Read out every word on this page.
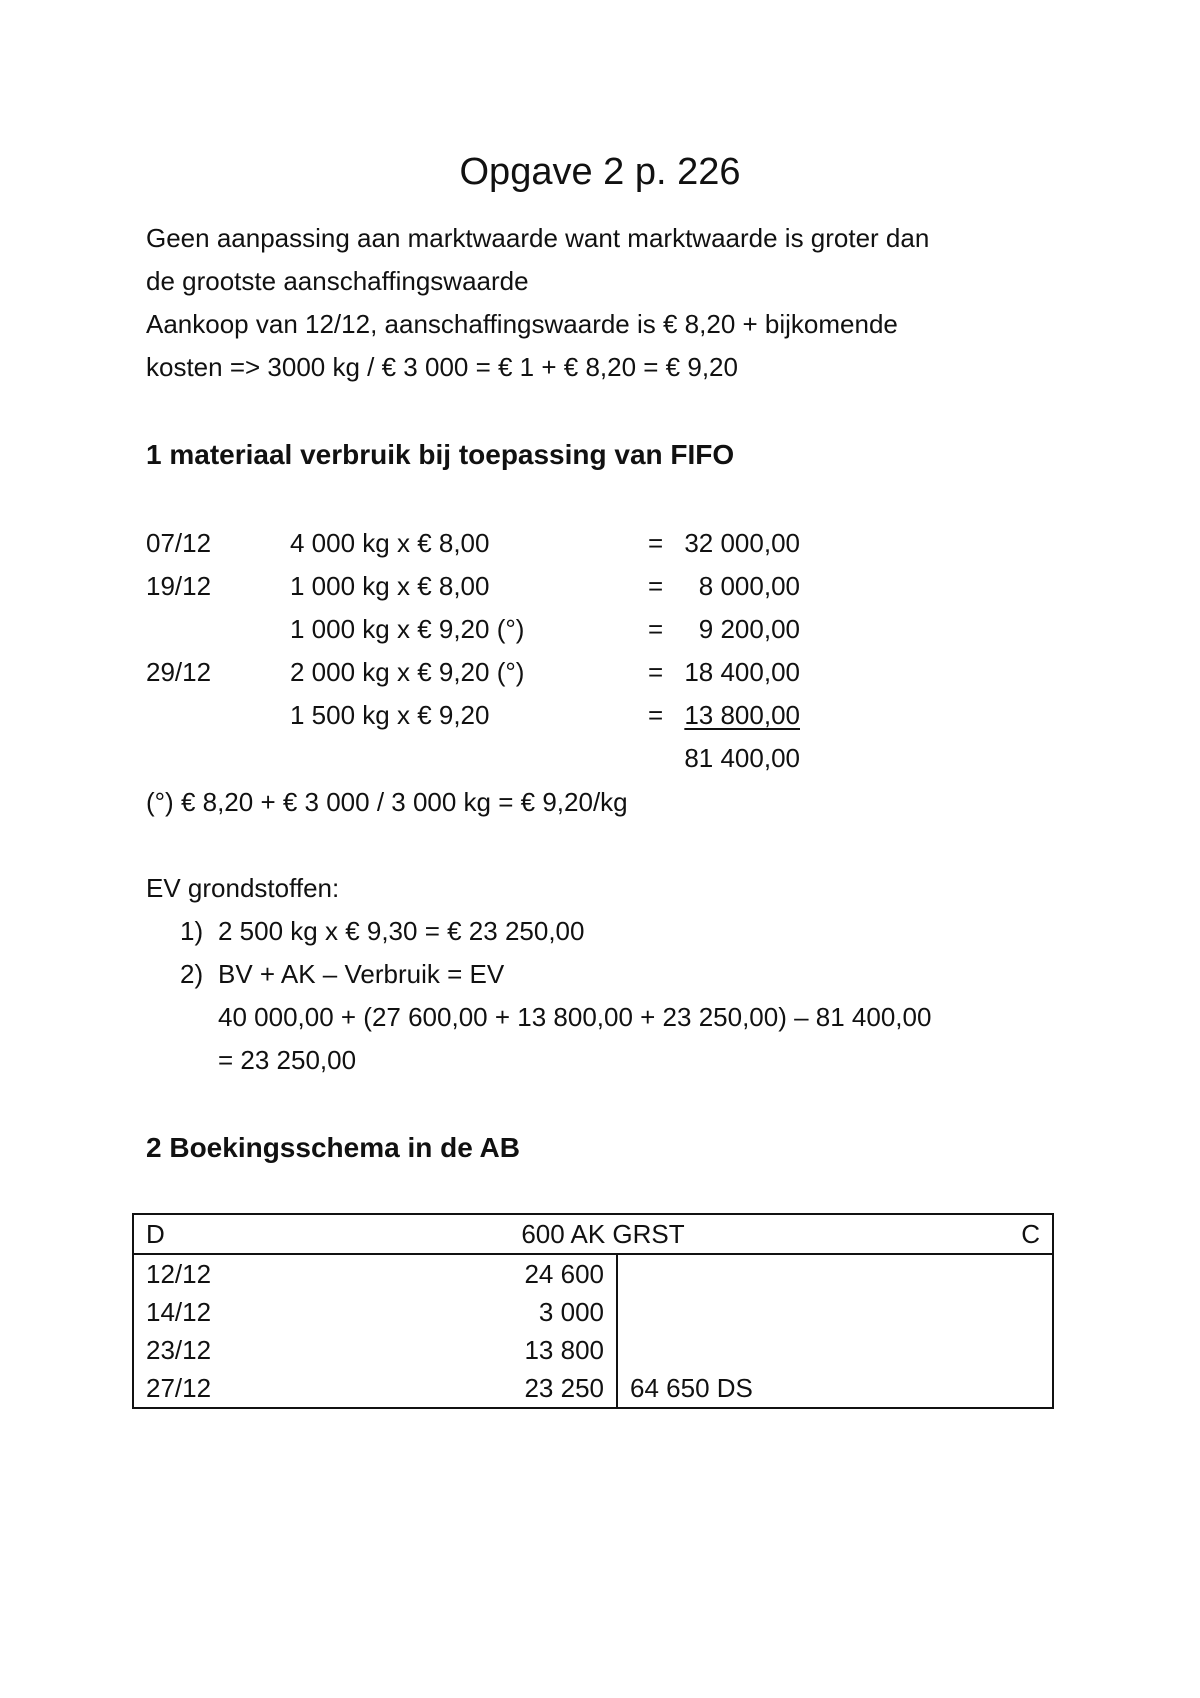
Opgave 2 p. 226
Geen aanpassing aan marktwaarde want marktwaarde is groter dan
de grootste aanschaffingswaarde
Aankoop van 12/12, aanschaffingswaarde is € 8,20 + bijkomende
kosten => 3000 kg / € 3 000 = € 1 + € 8,20 = € 9,20
1 materiaal verbruik bij toepassing van FIFO
07/12	4 000 kg x € 8,00	= 32 000,00
19/12	1 000 kg x € 8,00	= 8 000,00
1 000 kg x € 9,20 (°)	= 9 200,00
29/12	2 000 kg x € 9,20 (°)	= 18 400,00
1 500 kg x € 9,20	= 13 800,00
81 400,00
(°) € 8,20 + € 3 000 / 3 000 kg = € 9,20/kg
EV grondstoffen:
1) 2 500 kg x € 9,30 = € 23 250,00
2) BV + AK – Verbruik = EV
40 000,00 + (27 600,00 + 13 800,00 + 23 250,00) – 81 400,00
= 23 250,00
2 Boekingsschema in de AB
D 600 AK GRST C		

12/12	24 600	
14/12	3 000	
23/12	13 800	
27/12	23 250	64 650 DS
